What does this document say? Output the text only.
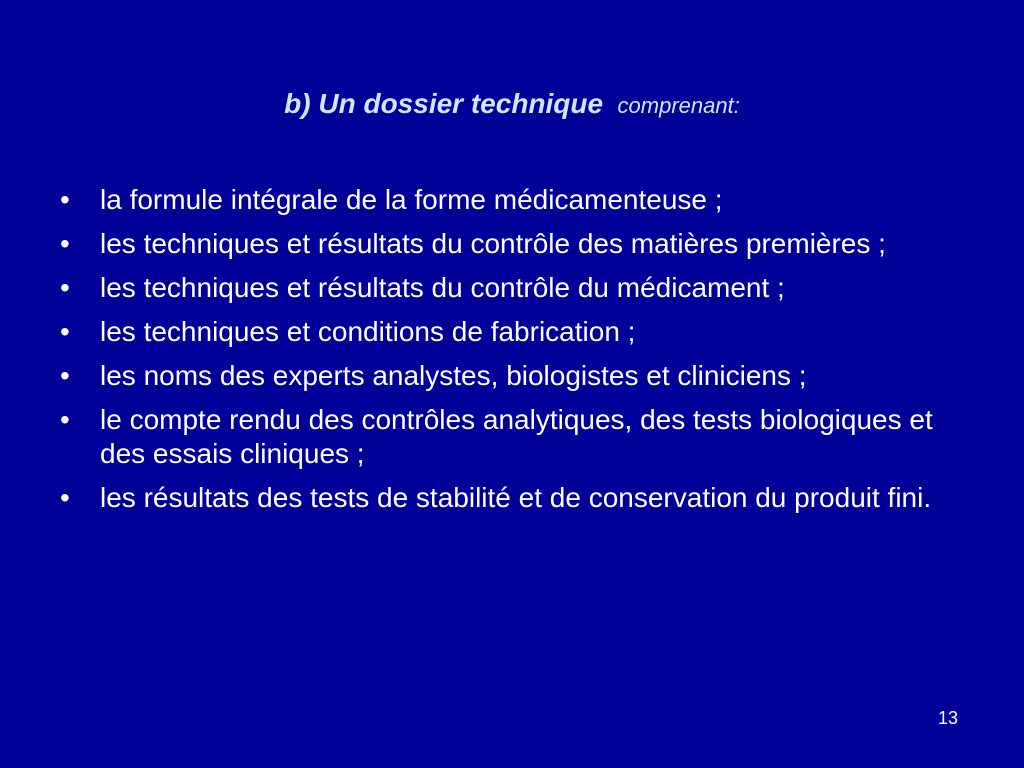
b) Un dossier technique comprenant:
• la formule intégrale de la forme médicamenteuse ;
• les techniques et résultats du contrôle des matières premières ;
• les techniques et résultats du contrôle du médicament ;
• les techniques et conditions de fabrication ;
• les noms des experts analystes, biologistes et cliniciens ;
• le compte rendu des contrôles analytiques, des tests biologiques et des essais cliniques ;
• les résultats des tests de stabilité et de conservation du produit fini.
13
